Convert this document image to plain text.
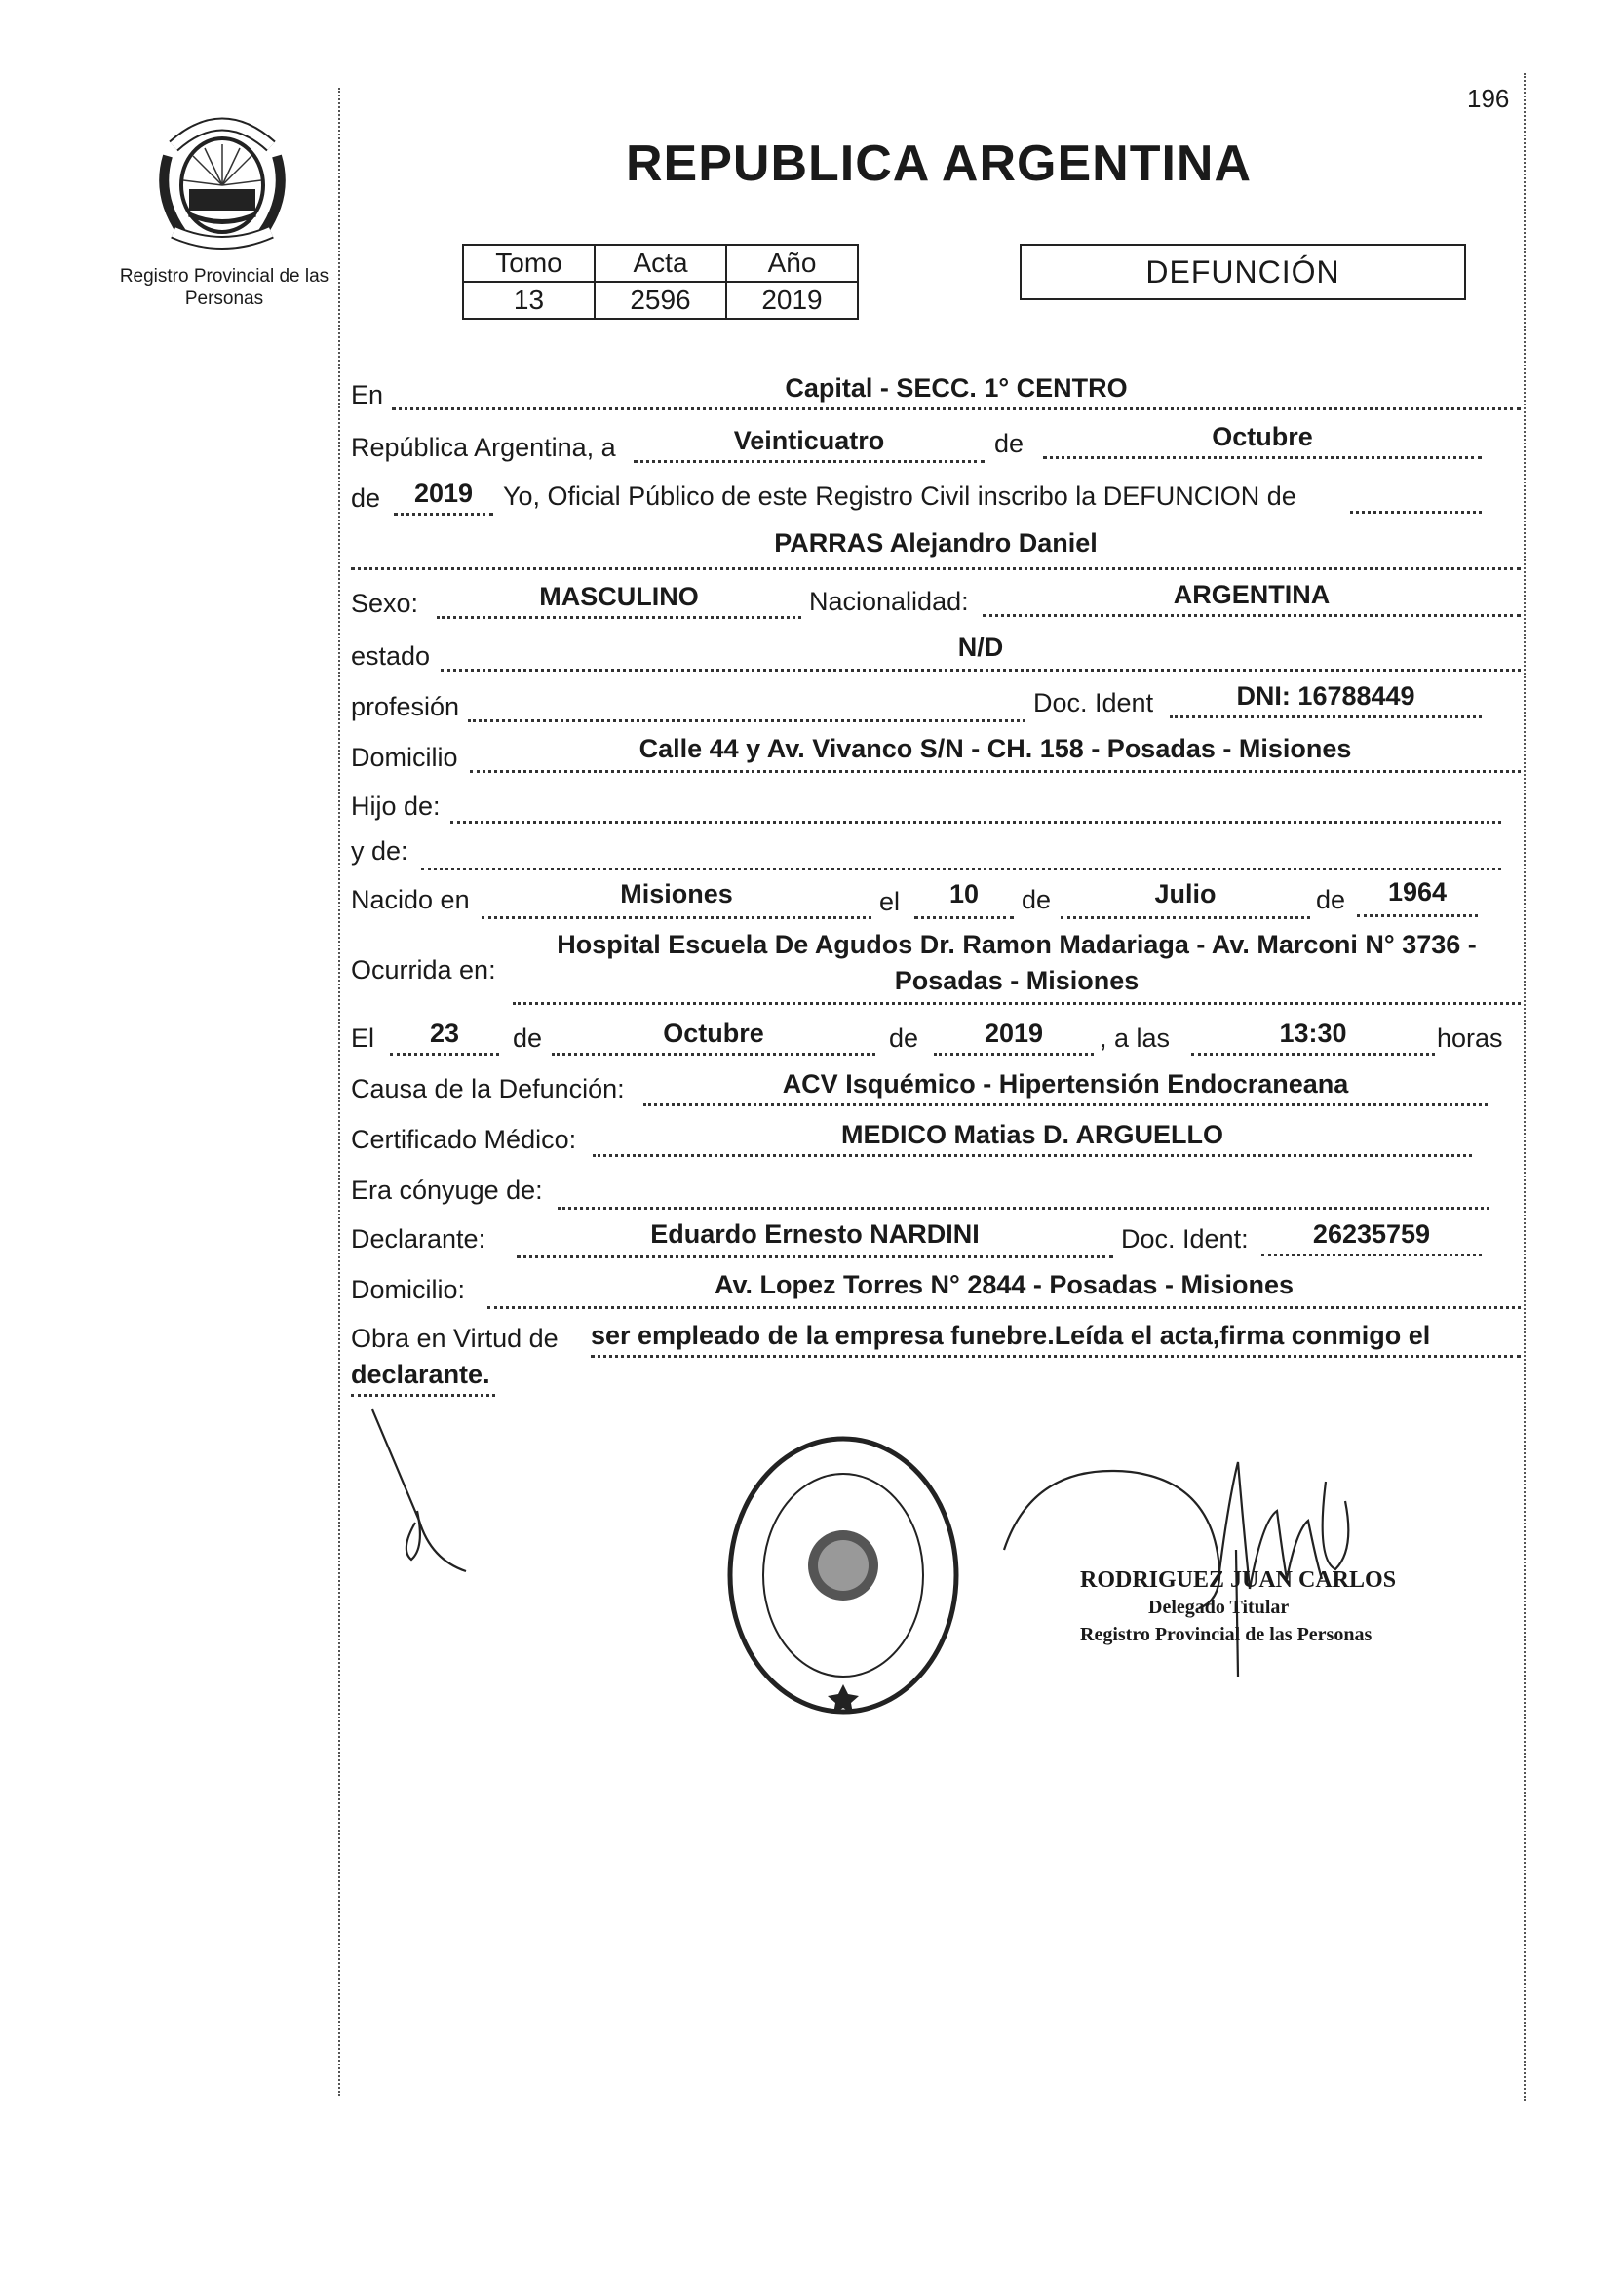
196
Registro Provincial de las Personas
REPUBLICA ARGENTINA
Tomo	Acta	Año
13	2596	2019
DEFUNCIÓN
En	Capital - SECC. 1° CENTRO
República Argentina, a	Veinticuatro	de	Octubre
de	2019	Yo, Oficial Público de este Registro Civil inscribo la DEFUNCION de
PARRAS Alejandro Daniel
Sexo:	MASCULINO	Nacionalidad:	ARGENTINA
estado	N/D
profesión	Doc. Ident	DNI: 16788449
Domicilio	Calle 44 y Av. Vivanco S/N - CH. 158 - Posadas - Misiones
Hijo de:
y de:
Nacido en	Misiones	el	10	de	Julio	de	1964
Ocurrida en:
Hospital Escuela De Agudos Dr. Ramon Madariaga - Av. Marconi N° 3736 -
Posadas - Misiones
El	23	de	Octubre	de	2019	, a las	13:30	horas
Causa de la Defunción:	ACV Isquémico - Hipertensión Endocraneana
Certificado Médico:	MEDICO Matias D. ARGUELLO
Era cónyuge de:
Declarante:	Eduardo Ernesto NARDINI	Doc. Ident:	26235759
Domicilio:	Av. Lopez Torres N° 2844 - Posadas - Misiones
Obra en Virtud de ser empleado de la empresa funebre.Leída el acta,firma conmigo el
declarante.
RODRIGUEZ JUAN CARLOS
Delegado Titular
Registro Provincial de las Personas
